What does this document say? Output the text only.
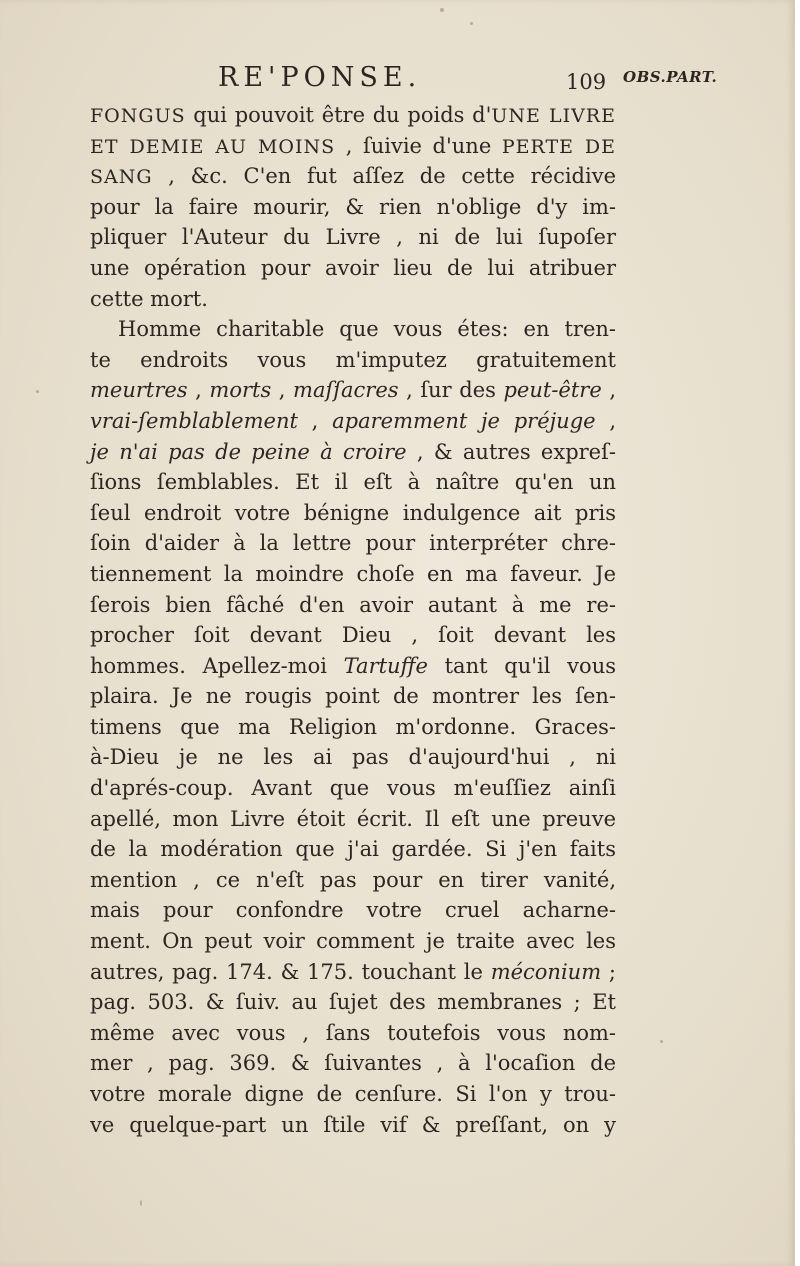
RE'PONSE.	109 OBS.PART.
FONGUS qui pouvoit être du poids d'UNE LIVRE
ET DEMIE AU MOINS , ſuivie d'une PERTE DE
SANG , &c. C'en fut aſſez de cette récidive
pour la faire mourir, & rien n'oblige d'y im-
pliquer l'Auteur du Livre , ni de lui ſupoſer
une opération pour avoir lieu de lui atribuer
cette mort.
Homme charitable que vous étes: en tren-
te endroits vous m'imputez gratuitement
meurtres , morts , maſſacres , ſur des peut-être ,
vrai-ſemblablement , aparemment je préjuge ,
je n'ai pas de peine à croire , & autres expreſ-
ſions ſemblables. Et il eſt à naître qu'en un
ſeul endroit votre bénigne indulgence ait pris
ſoin d'aider à la lettre pour interpréter chre-
tiennement la moindre choſe en ma faveur. Je
ſerois bien fâché d'en avoir autant à me re-
procher ſoit devant Dieu , ſoit devant les
hommes. Apellez-moi Tartuffe tant qu'il vous
plaira. Je ne rougis point de montrer les ſen-
timens que ma Religion m'ordonne. Graces-
à-Dieu je ne les ai pas d'aujourd'hui , ni
d'aprés-coup. Avant que vous m'euſſiez ainſi
apellé, mon Livre étoit écrit. Il eſt une preuve
de la modération que j'ai gardée. Si j'en faits
mention , ce n'eſt pas pour en tirer vanité,
mais pour confondre votre cruel acharne-
ment. On peut voir comment je traite avec les
autres, pag. 174. & 175. touchant le méconium ;
pag. 503. & ſuiv. au ſujet des membranes ; Et
même avec vous , ſans toutefois vous nom-
mer , pag. 369. & ſuivantes , à l'ocaſion de
votre morale digne de cenſure. Si l'on y trou-
ve quelque-part un ſtile vif & preſſant, on y
